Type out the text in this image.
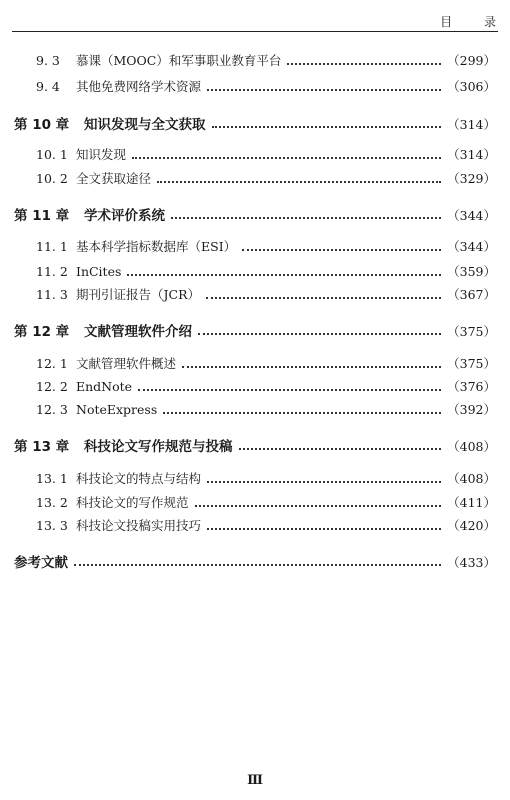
目 录
9. 3	慕课（MOOC）和军事职业教育平台	（299）
9. 4	其他免费网络学术资源	（306）
第 10 章	知识发现与全文获取	（314）
10. 1 知识发现	（314）
10. 2 全文获取途径	（329）
第 11 章	学术评价系统	（344）
11. 1 基本科学指标数据库（ESI）	（344）
11. 2 InCites	（359）
11. 3 期刊引证报告（JCR）	（367）
第 12 章	文献管理软件介绍	（375）
12. 1 文献管理软件概述	（375）
12. 2 EndNote	（376）
12. 3 NoteExpress	（392）
第 13 章	科技论文写作规范与投稿	（408）
13. 1 科技论文的特点与结构	（408）
13. 2 科技论文的写作规范	（411）
13. 3 科技论文投稿实用技巧	（420）
参考文献	（433）
Ⅲ
